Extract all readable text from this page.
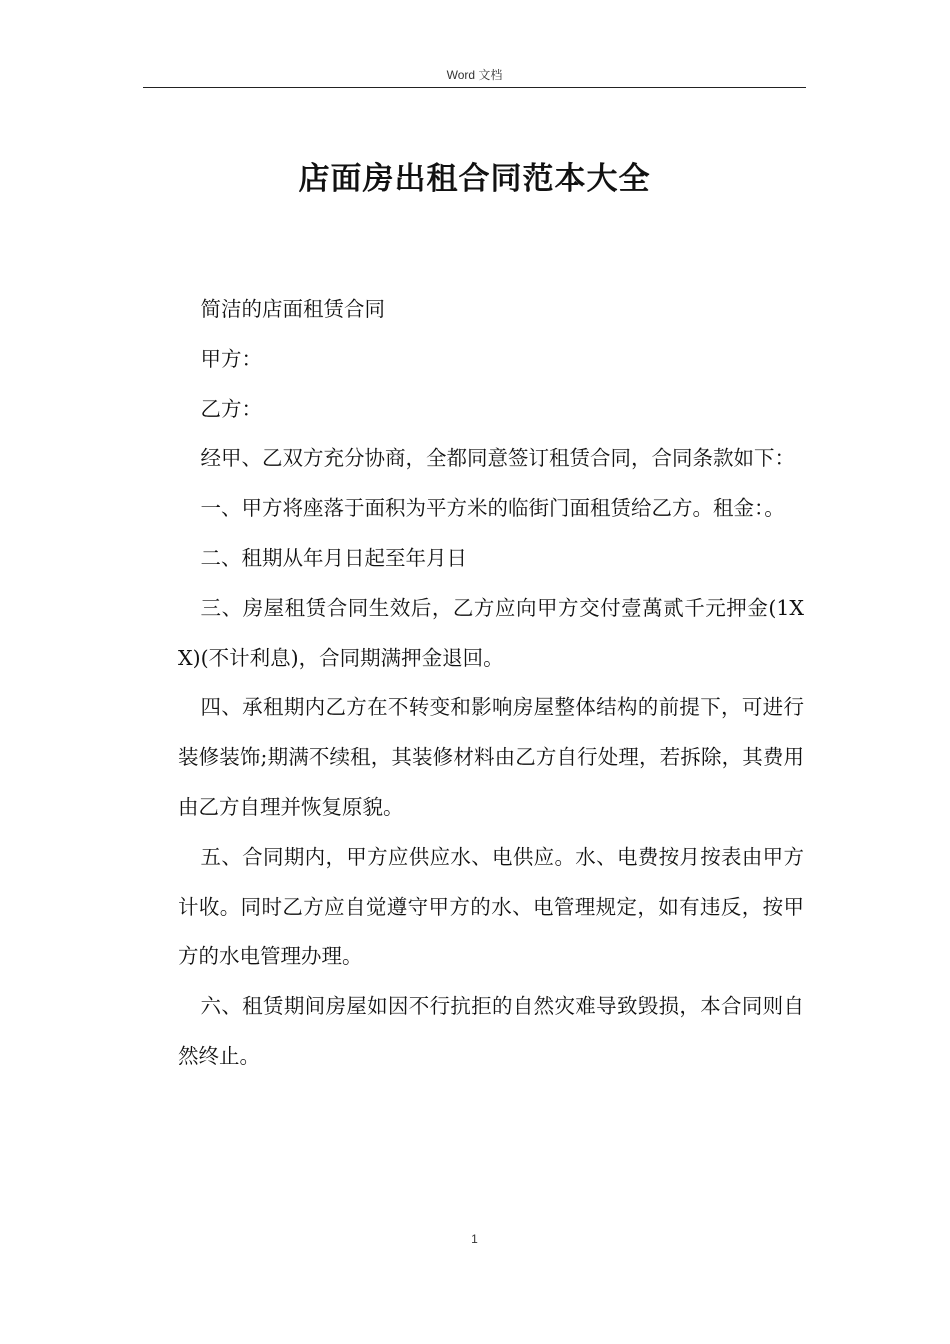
Word 文档
店面房出租合同范本大全

简洁的店面租赁合同

甲方：

乙方：

经甲、乙双方充分协商，全都同意签订租赁合同，合同条款如下：

一、甲方将座落于面积为平方米的临街门面租赁给乙方。租金：。

二、租期从年月日起至年月日

三、房屋租赁合同生效后，乙方应向甲方交付壹萬贰千元押金(1XX)(不计利息)，合同期满押金退回。

四、承租期内乙方在不转变和影响房屋整体结构的前提下，可进行装修装饰;期满不续租，其装修材料由乙方自行处理，若拆除，其费用由乙方自理并恢复原貌。

五、合同期内，甲方应供应水、电供应。水、电费按月按表由甲方计收。同时乙方应自觉遵守甲方的水、电管理规定，如有违反，按甲方的水电管理办理。

六、租赁期间房屋如因不行抗拒的自然灾难导致毁损，本合同则自然终止。

1
